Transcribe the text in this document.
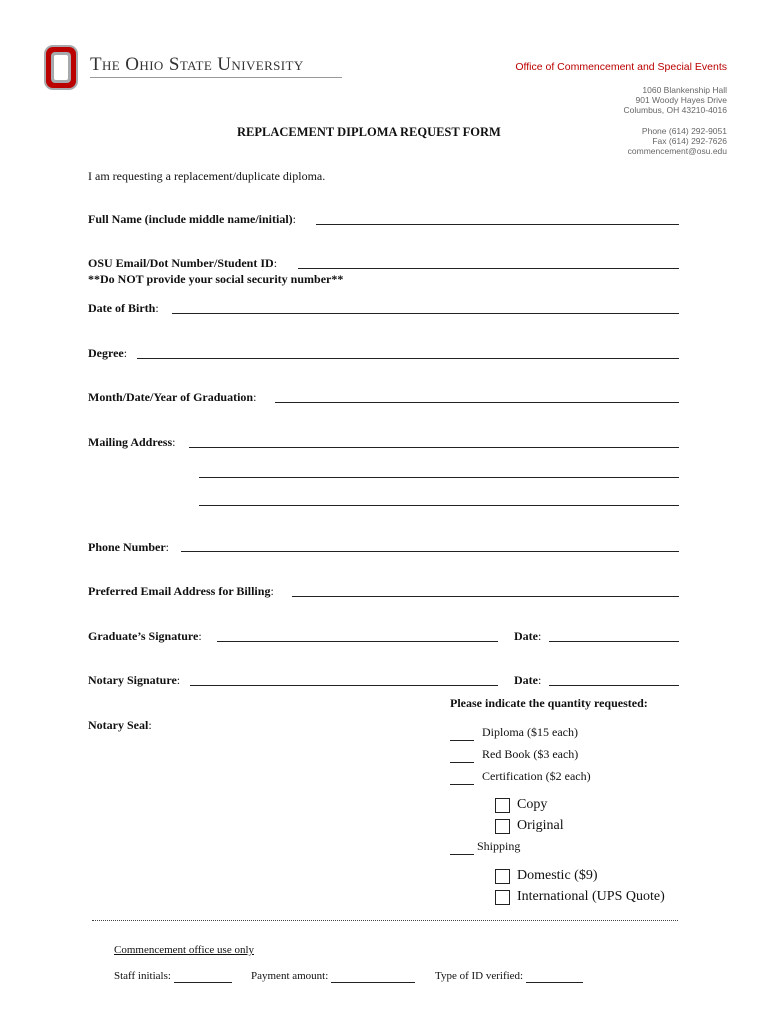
The Ohio State University	Office of Commencement and Special Events
1060 Blankenship Hall
901 Woody Hayes Drive
Columbus, OH 43210-4016
Phone (614) 292-9051
Fax (614) 292-7626
commencement@osu.edu
REPLACEMENT DIPLOMA REQUEST FORM
I am requesting a replacement/duplicate diploma.
Full Name (include middle name/initial):
OSU Email/Dot Number/Student ID:
**Do NOT provide your social security number**
Date of Birth:
Degree:
Month/Date/Year of Graduation:
Mailing Address:
Phone Number:
Preferred Email Address for Billing:
Graduate’s Signature:	Date:
Notary Signature:	Date:
Notary Seal:
Please indicate the quantity requested:
Diploma ($15 each)
Red Book ($3 each)
Certification ($2 each)
Copy
Original
Shipping
Domestic ($9)
International (UPS Quote)
Commencement office use only
Staff initials:	Payment amount:	Type of ID verified:
